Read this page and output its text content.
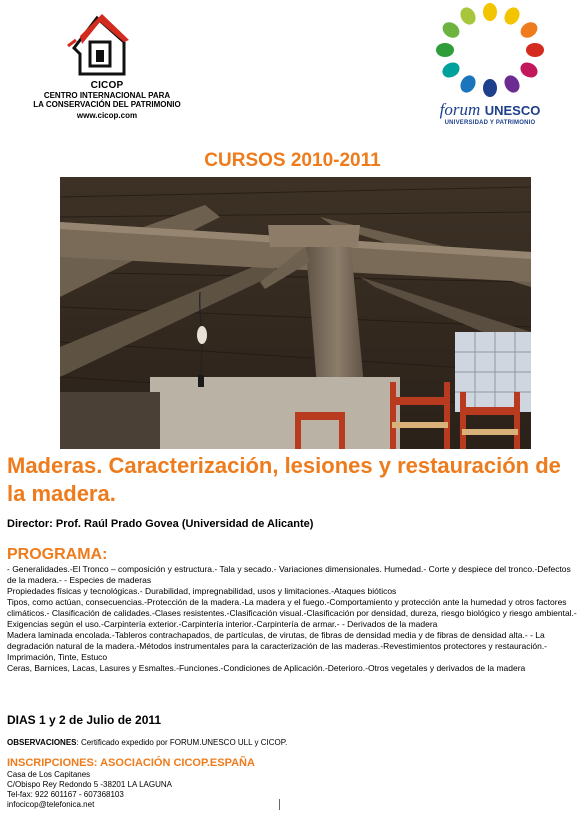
CICOP
CENTRO INTERNACIONAL PARA
LA CONSERVACIÓN DEL PATRIMONIO
www.cicop.com	forum UNESCO
UNIVERSIDAD Y PATRIMONIO
CURSOS 2010-2011
Maderas. Caracterización, lesiones y restauración de la madera.
Director: Prof. Raúl Prado Govea (Universidad de Alicante)
PROGRAMA:

- Generalidades.-El Tronco – composición y estructura.- Tala y secado.- Variaciones dimensionales. Humedad.- Corte y despiece del tronco.-Defectos de la madera.- - Especies de maderas

Propiedades físicas y tecnológicas.- Durabilidad, impregnabilidad, usos y limitaciones.-Ataques bióticos

Tipos, como actúan, consecuencias.-Protección de la madera.-La madera y el fuego.-Comportamiento y protección ante la humedad y otros factores climáticos.- Clasificación de calidades.-Clases resistentes.-Clasificación visual.-Clasificación por densidad, dureza, riesgo biológico y riesgo ambiental.-Exigencias según el uso.-Carpintería exterior.-Carpintería interior.-Carpintería de armar.- - Derivados de la madera

Madera laminada encolada.-Tableros contrachapados, de partículas, de virutas, de fibras de densidad media y de fibras de densidad alta.- - La degradación natural de la madera.-Métodos instrumentales para la caracterización de las maderas.-Revestimientos protectores y restauración.-Imprimación, Tinte, Estuco

Ceras, Barnices, Lacas, Lasures y Esmaltes.-Funciones.-Condiciones de Aplicación.-Deterioro.-Otros vegetales y derivados de la madera

DIAS 1 y 2 de Julio de 2011
OBSERVACIONES: Certificado expedido por FORUM.UNESCO ULL y CICOP.
INSCRIPCIONES: ASOCIACIÓN CICOP.ESPAÑA
Casa de Los Capitanes
C/Obispo Rey Redondo 5 -38201 LA LAGUNA
Tel-fax: 922 601167 - 607368103
infocicop@telefonica.net
